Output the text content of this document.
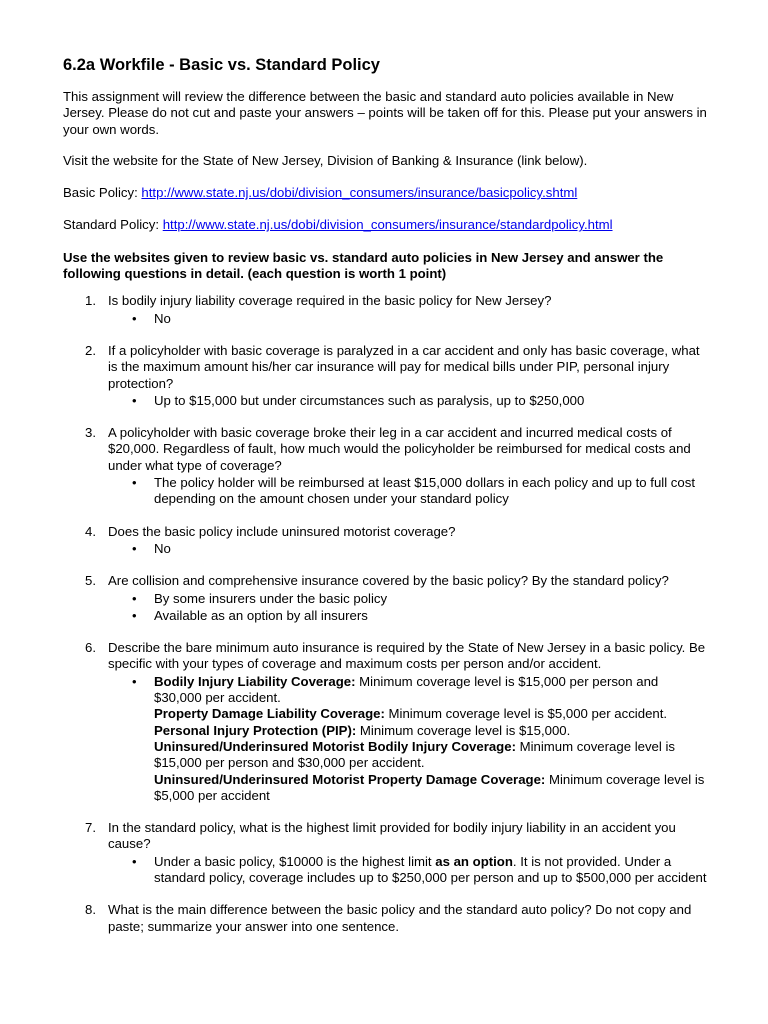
6.2a Workfile - Basic vs. Standard Policy

This assignment will review the difference between the basic and standard auto policies available in New Jersey. Please do not cut and paste your answers – points will be taken off for this. Please put your answers in your own words.

Visit the website for the State of New Jersey, Division of Banking & Insurance (link below).

Basic Policy: http://www.state.nj.us/dobi/division_consumers/insurance/basicpolicy.shtml

Standard Policy: http://www.state.nj.us/dobi/division_consumers/insurance/standardpolicy.html

Use the websites given to review basic vs. standard auto policies in New Jersey and answer the following questions in detail. (each question is worth 1 point)

1. Is bodily injury liability coverage required in the basic policy for New Jersey?
• No
2. If a policyholder with basic coverage is paralyzed in a car accident and only has basic coverage, what is the maximum amount his/her car insurance will pay for medical bills under PIP, personal injury protection?
• Up to $15,000 but under circumstances such as paralysis, up to $250,000
3. A policyholder with basic coverage broke their leg in a car accident and incurred medical costs of $20,000. Regardless of fault, how much would the policyholder be reimbursed for medical costs and under what type of coverage?
• The policy holder will be reimbursed at least $15,000 dollars in each policy and up to full cost depending on the amount chosen under your standard policy
4. Does the basic policy include uninsured motorist coverage?
• No
5. Are collision and comprehensive insurance covered by the basic policy? By the standard policy?
• By some insurers under the basic policy
• Available as an option by all insurers
6. Describe the bare minimum auto insurance is required by the State of New Jersey in a basic policy. Be specific with your types of coverage and maximum costs per person and/or accident.
• Bodily Injury Liability Coverage: Minimum coverage level is $15,000 per person and $30,000 per accident.
Property Damage Liability Coverage: Minimum coverage level is $5,000 per accident.
Personal Injury Protection (PIP): Minimum coverage level is $15,000.
Uninsured/Underinsured Motorist Bodily Injury Coverage: Minimum coverage level is $15,000 per person and $30,000 per accident.
Uninsured/Underinsured Motorist Property Damage Coverage: Minimum coverage level is $5,000 per accident
7. In the standard policy, what is the highest limit provided for bodily injury liability in an accident you cause?
• Under a basic policy, $10000 is the highest limit as an option. It is not provided. Under a standard policy, coverage includes up to $250,000 per person and up to $500,000 per accident
8. What is the main difference between the basic policy and the standard auto policy? Do not copy and paste; summarize your answer into one sentence.
